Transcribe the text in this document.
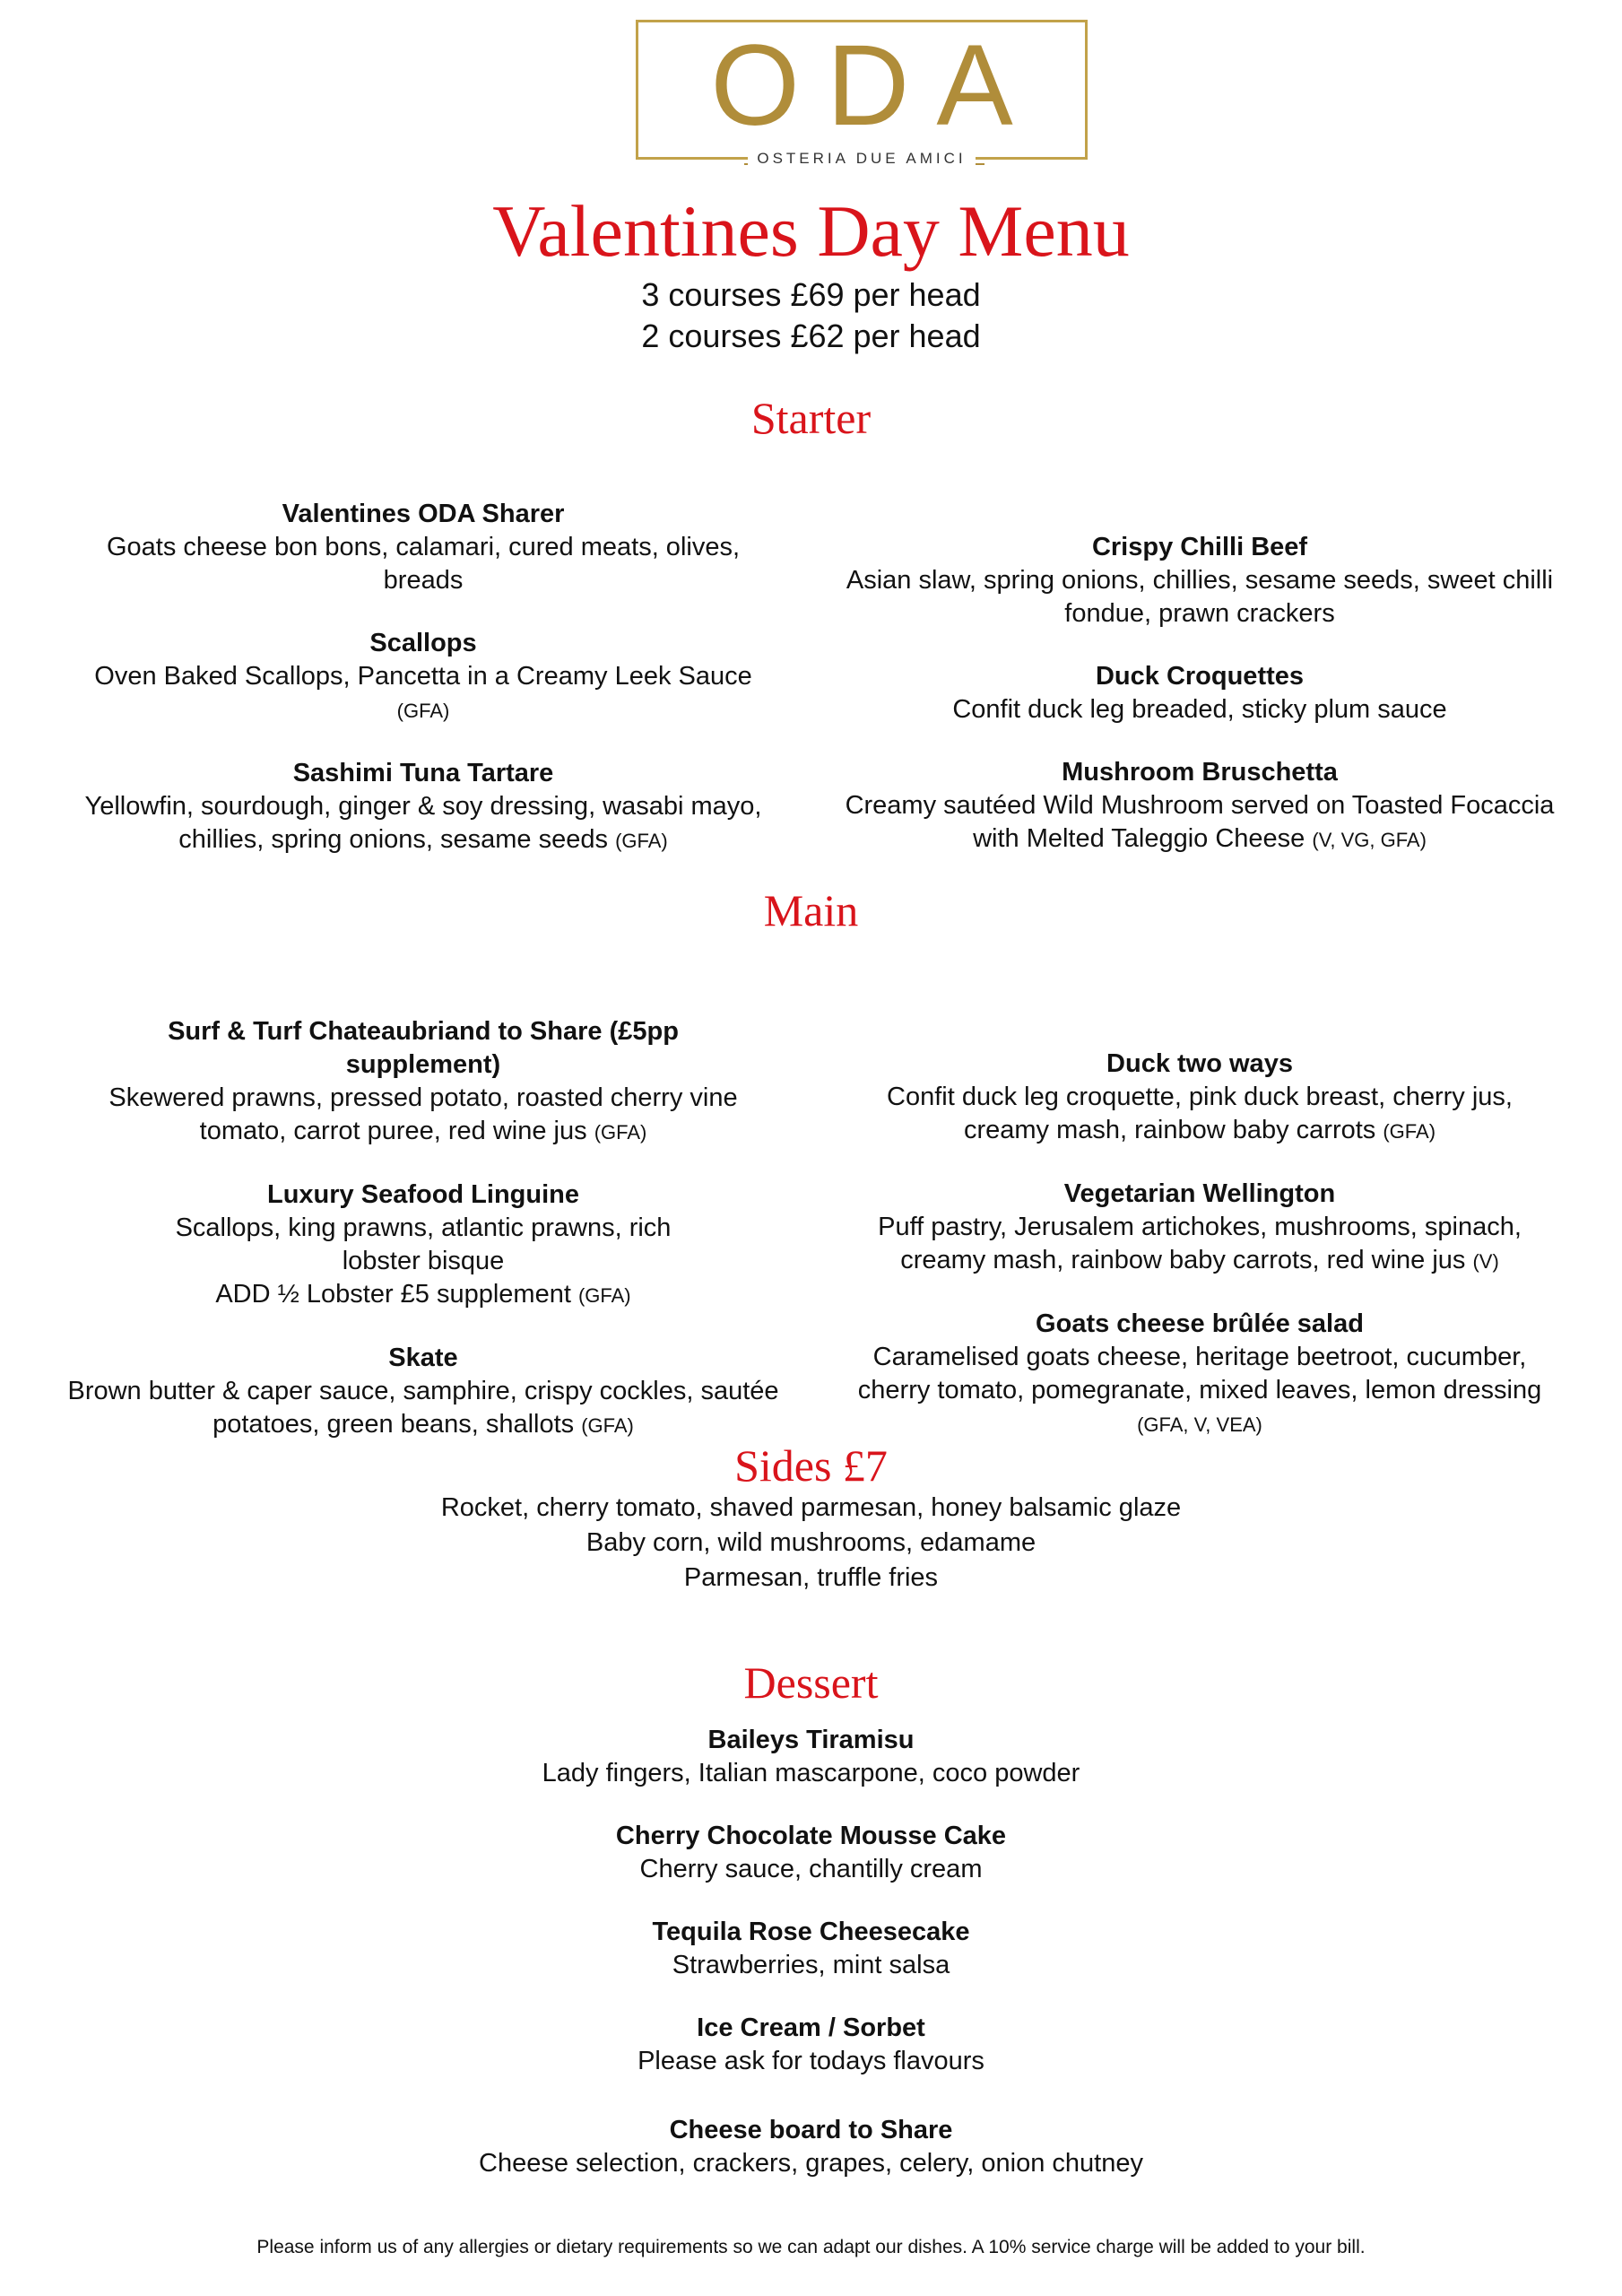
ODA
OSTERIA DUE AMICI
Valentines Day Menu
3 courses £69 per head
2 courses £62 per head
Starter
Valentines ODA Sharer
Goats cheese bon bons, calamari, cured meats, olives, breads
Scallops
Oven Baked Scallops, Pancetta in a Creamy Leek Sauce (GFA)
Sashimi Tuna Tartare
Yellowfin, sourdough, ginger & soy dressing, wasabi mayo, chillies, spring onions, sesame seeds (GFA)
Crispy Chilli Beef
Asian slaw, spring onions, chillies, sesame seeds, sweet chilli fondue, prawn crackers
Duck Croquettes
Confit duck leg breaded, sticky plum sauce
Mushroom Bruschetta
Creamy sautéed Wild Mushroom served on Toasted Focaccia with Melted Taleggio Cheese (V, VG, GFA)
Main
Surf & Turf Chateaubriand to Share (£5pp supplement)
Skewered prawns, pressed potato, roasted cherry vine tomato, carrot puree, red wine jus (GFA)
Luxury Seafood Linguine
Scallops, king prawns, atlantic prawns, rich lobster bisque
ADD ½ Lobster £5 supplement (GFA)
Skate
Brown butter & caper sauce, samphire, crispy cockles, sautée potatoes, green beans, shallots (GFA)
Duck two ways
Confit duck leg croquette, pink duck breast, cherry jus, creamy mash, rainbow baby carrots (GFA)
Vegetarian Wellington
Puff pastry, Jerusalem artichokes, mushrooms, spinach, creamy mash, rainbow baby carrots, red wine jus (V)
Goats cheese brûlée salad
Caramelised goats cheese, heritage beetroot, cucumber, cherry tomato, pomegranate, mixed leaves, lemon dressing (GFA, V, VEA)
Sides £7
Rocket, cherry tomato, shaved parmesan, honey balsamic glaze
Baby corn, wild mushrooms, edamame
Parmesan, truffle fries
Dessert
Baileys Tiramisu
Lady fingers, Italian mascarpone, coco powder
Cherry Chocolate Mousse Cake
Cherry sauce, chantilly cream
Tequila Rose Cheesecake
Strawberries, mint salsa
Ice Cream / Sorbet
Please ask for todays flavours
Cheese board to Share
Cheese selection, crackers, grapes, celery, onion chutney
Please inform us of any allergies or dietary requirements so we can adapt our dishes. A 10% service charge will be added to your bill.
